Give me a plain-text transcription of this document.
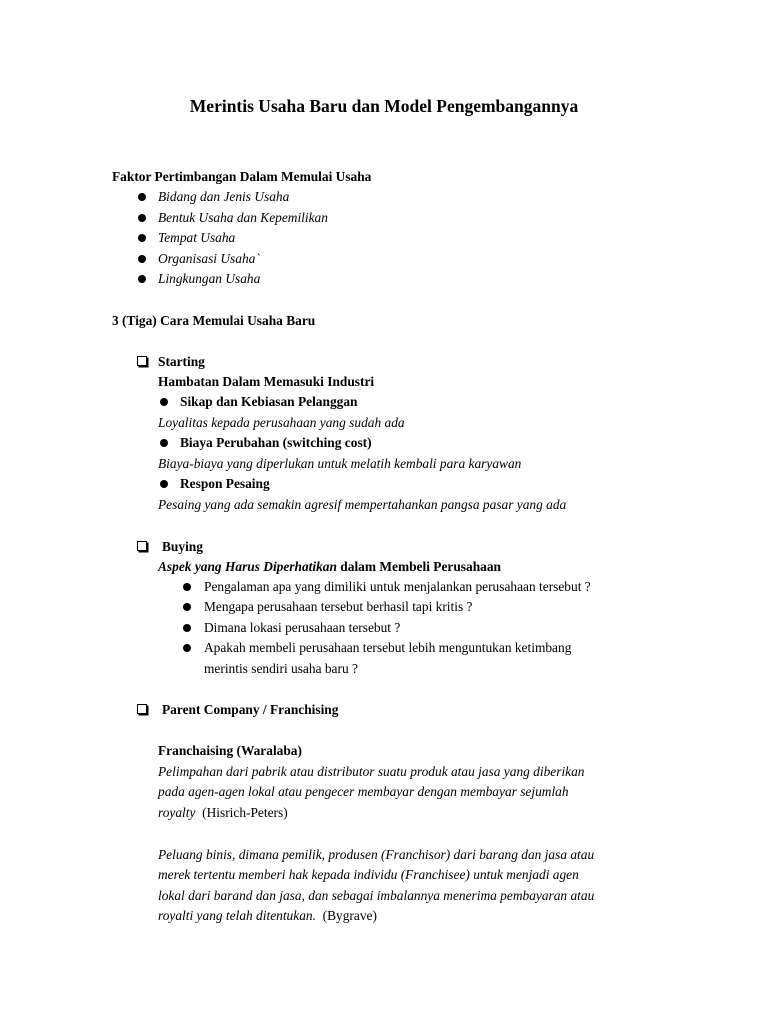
Merintis Usaha Baru dan Model Pengembangannya
Faktor Pertimbangan Dalam Memulai Usaha
Bidang dan Jenis Usaha
Bentuk Usaha dan Kepemilikan
Tempat Usaha
Organisasi Usaha`
Lingkungan Usaha
3 (Tiga) Cara Memulai Usaha Baru
Starting
Hambatan Dalam Memasuki Industri
Sikap dan Kebiasan Pelanggan
Loyalitas kepada perusahaan yang sudah ada
Biaya Perubahan (switching cost)
Biaya-biaya yang diperlukan untuk melatih kembali para karyawan
Respon Pesaing
Pesaing yang ada semakin agresif mempertahankan pangsa pasar yang ada
Buying
Aspek yang Harus Diperhatikan dalam Membeli Perusahaan
Pengalaman apa yang dimiliki untuk menjalankan perusahaan tersebut ?
Mengapa perusahaan tersebut berhasil tapi kritis ?
Dimana lokasi perusahaan tersebut ?
Apakah membeli perusahaan tersebut lebih menguntukan ketimbang
merintis sendiri usaha baru ?
Parent Company / Franchising
Franchaising (Waralaba)
Pelimpahan dari pabrik atau distributor suatu produk atau jasa yang diberikan
pada agen-agen lokal atau pengecer membayar dengan membayar sejumlah
royalty  (Hisrich-Peters)
Peluang binis, dimana pemilik, produsen (Franchisor) dari barang dan jasa atau
merek tertentu memberi hak kepada individu (Franchisee) untuk menjadi agen
lokal dari barand dan jasa, dan sebagai imbalannya menerima pembayaran atau
royalti yang telah ditentukan.  (Bygrave)
